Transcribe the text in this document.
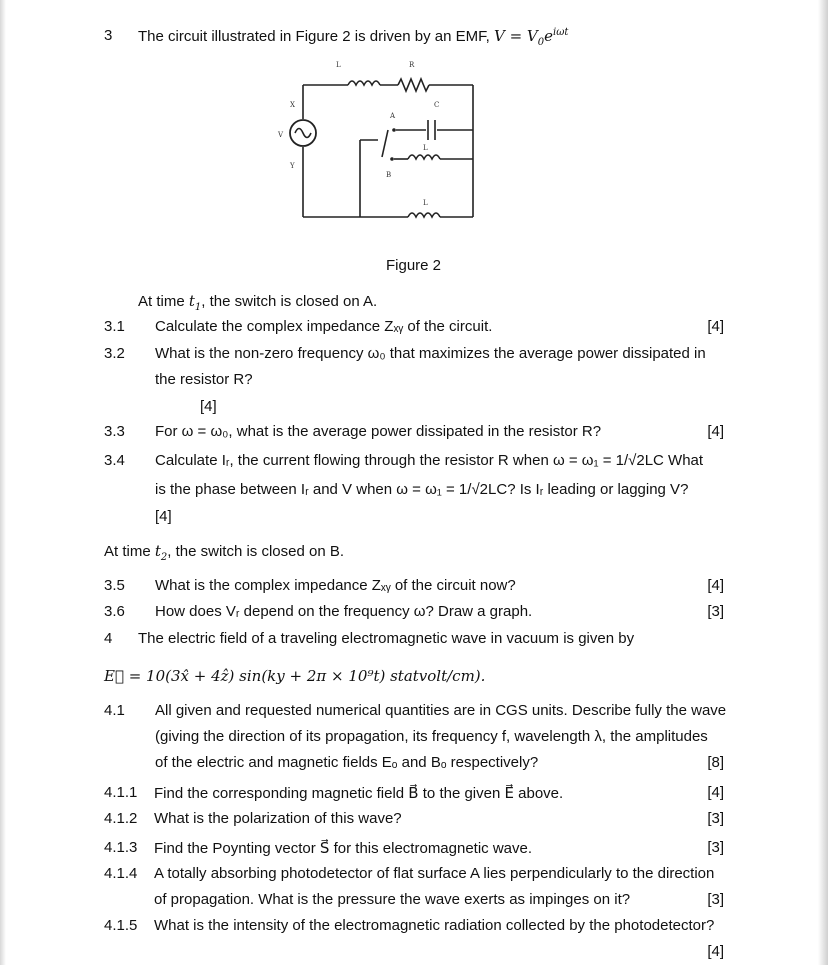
3 The circuit illustrated in Figure 2 is driven by an EMF, $V = V_0e^{i\omega t}$
L	R
X
V
Y
A
C
L
B
L
Figure 2
At time $t_1$, the switch is closed on A.
3.1 Calculate the complex impedance Zₓᵧ of the circuit.	[4]
3.2 What is the non-zero frequency ω₀ that maximizes the average power dissipated in
the resistor R?
[4]
3.3 For ω = ω₀, what is the average power dissipated in the resistor R?	[4]
3.4 Calculate Iᵣ, the current flowing through the resistor R when ω = ω₁ = 1/√2LC What
is the phase between Iᵣ and V when ω = ω₁ = 1/√2LC? Is Iᵣ leading or lagging V?
[4]
At time $t_2$, the switch is closed on B.
3.5 What is the complex impedance Zₓᵧ of the circuit now?	[4]
3.6 How does Vᵣ depend on the frequency ω? Draw a graph.	[3]
4 The electric field of a traveling electromagnetic wave in vacuum is given by
E⃗ = 10(3x̂ + 4ẑ) sin(ky + 2π × 10⁹t) statvolt/cm).
4.1 All given and requested numerical quantities are in CGS units. Describe fully the wave
(giving the direction of its propagation, its frequency f, wavelength λ, the amplitudes
of the electric and magnetic fields Eₒ and Bₒ respectively?	[8]
4.1.1 Find the corresponding magnetic field B⃗ to the given E⃗ above.	[4]
4.1.2 What is the polarization of this wave?	[3]
4.1.3 Find the Poynting vector S⃗ for this electromagnetic wave.	[3]
4.1.4 A totally absorbing photodetector of flat surface A lies perpendicularly to the direction
of propagation. What is the pressure the wave exerts as impinges on it?	[3]
4.1.5 What is the intensity of the electromagnetic radiation collected by the photodetector?
[4]
